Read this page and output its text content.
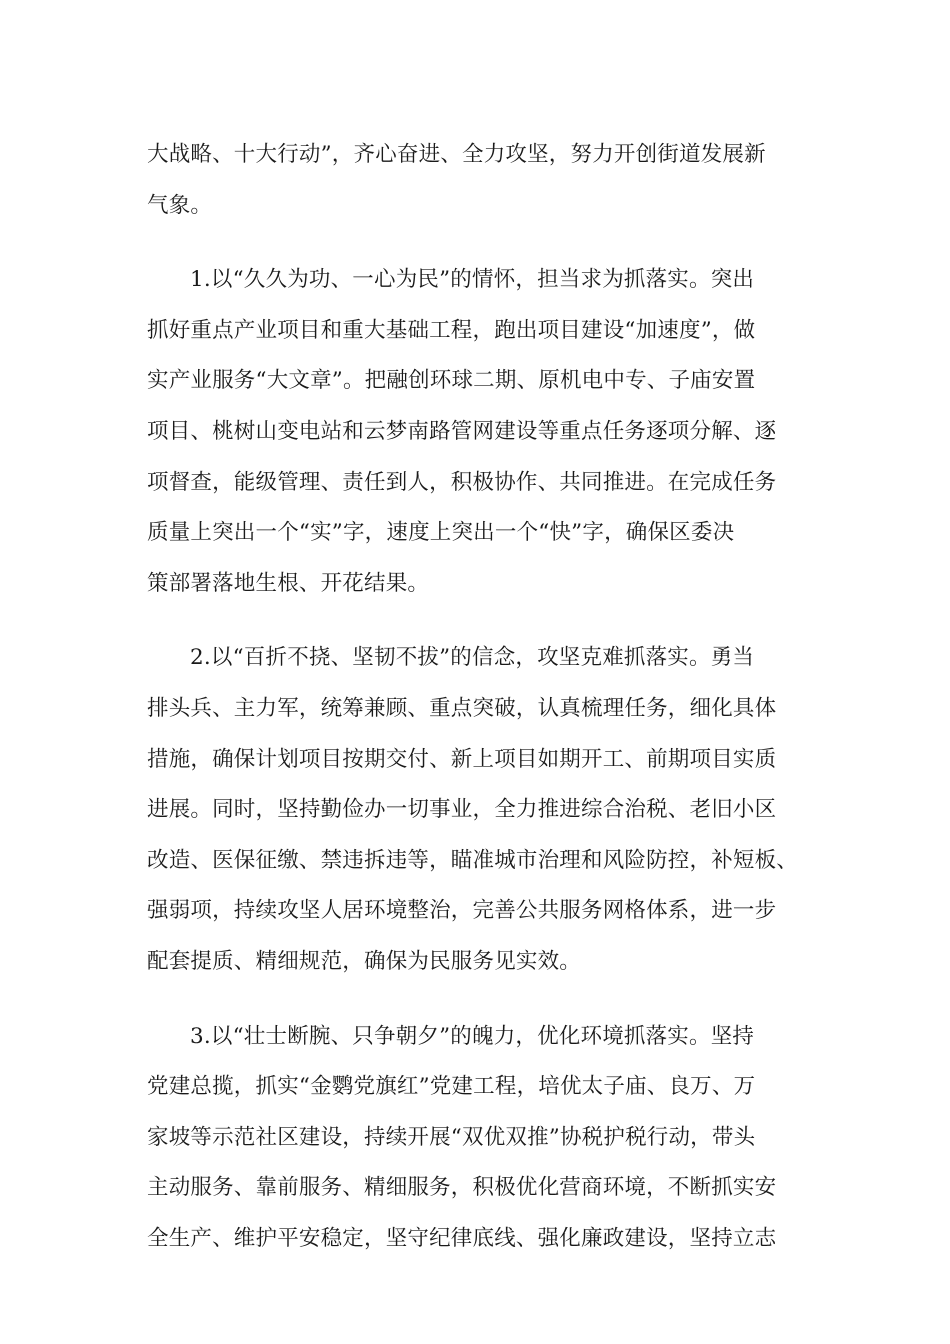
大战略、十大行动”，齐心奋进、全力攻坚，努力开创街道发展新
气象。
1.以“久久为功、一心为民”的情怀，担当求为抓落实。突出
抓好重点产业项目和重大基础工程，跑出项目建设“加速度”，做
实产业服务“大文章”。把融创环球二期、原机电中专、子庙安置
项目、桃树山变电站和云梦南路管网建设等重点任务逐项分解、逐
项督查，能级管理、责任到人，积极协作、共同推进。在完成任务
质量上突出一个“实”字，速度上突出一个“快”字，确保区委决
策部署落地生根、开花结果。
2.以“百折不挠、坚韧不拔”的信念，攻坚克难抓落实。勇当
排头兵、主力军，统筹兼顾、重点突破，认真梳理任务，细化具体
措施，确保计划项目按期交付、新上项目如期开工、前期项目实质
进展。同时，坚持勤俭办一切事业，全力推进综合治税、老旧小区
改造、医保征缴、禁违拆违等，瞄准城市治理和风险防控，补短板、
强弱项，持续攻坚人居环境整治，完善公共服务网格体系，进一步
配套提质、精细规范，确保为民服务见实效。
3.以“壮士断腕、只争朝夕”的魄力，优化环境抓落实。坚持
党建总揽，抓实“金鹦党旗红”党建工程，培优太子庙、良万、万
家坡等示范社区建设，持续开展“双优双推”协税护税行动，带头
主动服务、靠前服务、精细服务，积极优化营商环境，不断抓实安
全生产、维护平安稳定，坚守纪律底线、强化廉政建设，坚持立志
